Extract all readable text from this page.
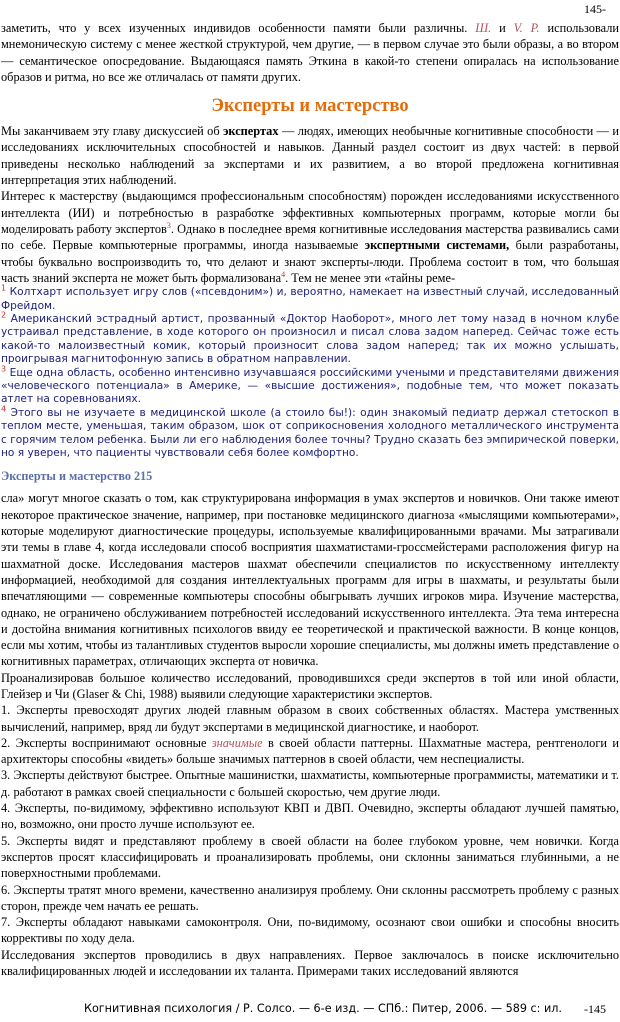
145-

заметить, что у всех изученных индивидов особенности памяти были различны. Ш. и V. P. использовали мнемоническую систему с менее жесткой структурой, чем другие, — в первом случае это были образы, а во втором — семантическое опосредование. Выдающаяся память Эткина в какой-то степени опиралась на использование образов и ритма, но все же отличалась от памяти других.

Эксперты и мастерство

Мы заканчиваем эту главу дискуссией об экспертах — людях, имеющих необычные когнитивные способности — и исследованиях исключительных способностей и навыков. Данный раздел состоит из двух частей: в первой приведены несколько наблюдений за экспертами и их развитием, а во второй предложена когнитивная интерпретация этих наблюдений.

Интерес к мастерству (выдающимся профессиональным способностям) порожден исследованиями искусственного интеллекта (ИИ) и потребностью в разработке эффективных компьютерных программ, которые могли бы моделировать работу экспертов$^3$. Однако в последнее время когнитивные исследования мастерства развивались сами по себе. Первые компьютерные программы, иногда называемые экспертными системами, были разработаны, чтобы буквально воспроизводить то, что делают и знают эксперты-люди. Проблема состоит в том, что большая часть знаний эксперта не может быть формализована$^4$. Тем не менее эти «тайны реме-

$^1$ Колтхарт использует игру слов («псевдоним») и, вероятно, намекает на известный случай, исследованный Фрейдом.

$^2$ Американский эстрадный артист, прозванный «Доктор Наоборот», много лет тому назад в ночном клубе устраивал представление, в ходе которого он произносил и писал слова задом наперед. Сейчас тоже есть какой-то малоизвестный комик, который произносит слова задом наперед; так их можно услышать, проигрывая магнитофонную запись в обратном направлении.

$^3$ Еще одна область, особенно интенсивно изучавшаяся российскими учеными и представителями движения «человеческого потенциала» в Америке, — «высшие достижения», подобные тем, что может показать атлет на соревнованиях.

$^4$ Этого вы не изучаете в медицинской школе (а стоило бы!): один знакомый педиатр держал стетоскоп в теплом месте, уменьшая, таким образом, шок от соприкосновения холодного металлического инструмента с горячим телом ребенка. Были ли его наблюдения более точны? Трудно сказать без эмпирической поверки, но я уверен, что пациенты чувствовали себя более комфортно.

Эксперты и мастерство 215

сла» могут многое сказать о том, как структурирована информация в умах экспертов и новичков. Они также имеют некоторое практическое значение, например, при постановке медицинского диагноза «мыслящими компьютерами», которые моделируют диагностические процедуры, используемые квалифицированными врачами. Мы затрагивали эти темы в главе 4, когда исследовали способ восприятия шахматистами-гроссмейстерами расположения фигур на шахматной доске. Исследования мастеров шахмат обеспечили специалистов по искусственному интеллекту информацией, необходимой для создания интеллектуальных программ для игры в шахматы, и результаты были впечатляющими — современные компьютеры способны обыгрывать лучших игроков мира. Изучение мастерства, однако, не ограничено обслуживанием потребностей исследований искусственного интеллекта. Эта тема интересна и достойна внимания когнитивных психологов ввиду ее теоретической и практической важности. В конце концов, если мы хотим, чтобы из талантливых студентов выросли хорошие специалисты, мы должны иметь представление о когнитивных параметрах, отличающих эксперта от новичка.

Проанализировав большое количество исследований, проводившихся среди экспертов в той или иной области, Глейзер и Чи (Glaser & Chi, 1988) выявили следующие характеристики экспертов.

1. Эксперты превосходят других людей главным образом в своих собственных областях. Мастера умственных вычислений, например, вряд ли будут экспертами в медицинской диагностике, и наоборот.

2. Эксперты воспринимают основные значимые в своей области паттерны. Шахматные мастера, рентгенологи и архитекторы способны «видеть» больше значимых паттернов в своей области, чем неспециалисты.

3. Эксперты действуют быстрее. Опытные машинистки, шахматисты, компьютерные программисты, математики и т. д. работают в рамках своей специальности с большей скоростью, чем другие люди.

4. Эксперты, по-видимому, эффективно используют КВП и ДВП. Очевидно, эксперты обладают лучшей памятью, но, возможно, они просто лучше используют ее.

5. Эксперты видят и представляют проблему в своей области на более глубоком уровне, чем новички. Когда экспертов просят классифицировать и проанализировать проблемы, они склонны заниматься глубинными, а не поверхностными проблемами.

6. Эксперты тратят много времени, качественно анализируя проблему. Они склонны рассмотреть проблему с разных сторон, прежде чем начать ее решать.

7. Эксперты обладают навыками самоконтроля. Они, по-видимому, осознают свои ошибки и способны вносить коррективы по ходу дела.

Исследования экспертов проводились в двух направлениях. Первое заключалось в поиске исключительно квалифицированных людей и исследовании их таланта. Примерами таких исследований являются

Когнитивная психология / Р. Солсо. — 6-е изд. — СПб.: Питер, 2006. — 589 с: ил. -145
